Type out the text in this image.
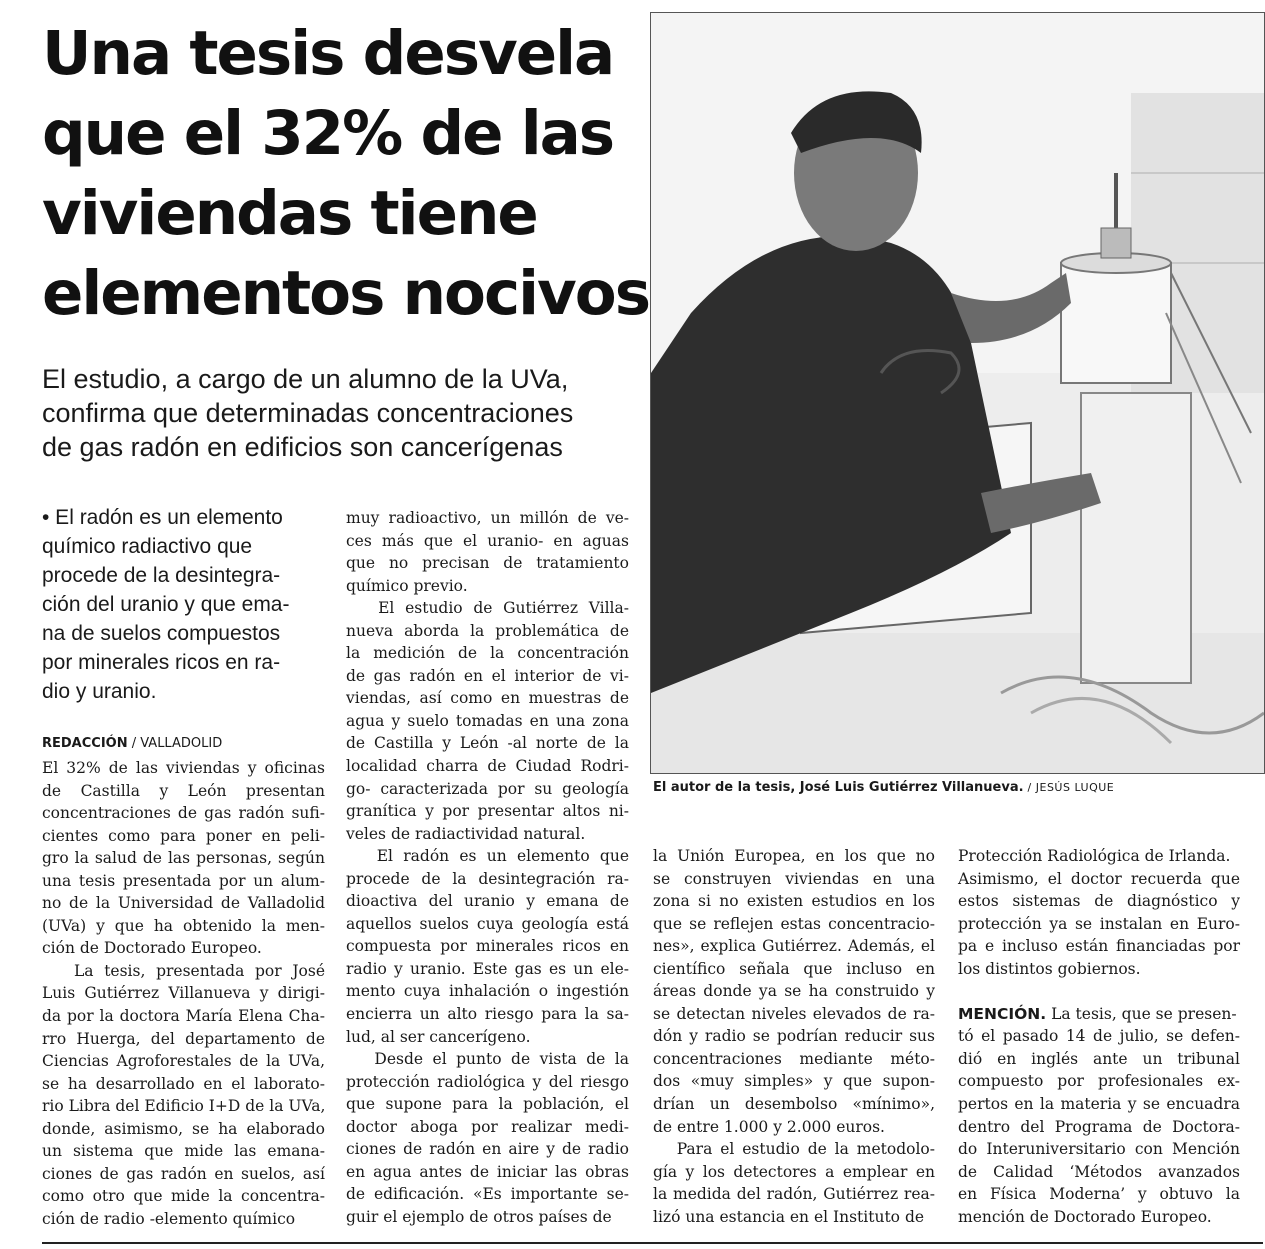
Una tesis desvela
que el 32% de las
viviendas tiene
elementos nocivos

El estudio, a cargo de un alumno de la UVa,
confirma que determinadas concentraciones
de gas radón en edificios son cancerígenas

El autor de la tesis, José Luis Gutiérrez Villanueva. / JESÚS LUQUE
• El radón es un elemento
químico radiactivo que
procede de la desintegra-
ción del uranio y que ema-
na de suelos compuestos
por minerales ricos en ra-
dio y uranio.
REDACCIÓN / VALLADOLID
El 32% de las viviendas y oficinas
de Castilla y León presentan
concentraciones de gas radón sufi-
cientes como para poner en peli-
gro la salud de las personas, según
una tesis presentada por un alum-
no de la Universidad de Valladolid
(UVa) y que ha obtenido la men-
ción de Doctorado Europeo.
La tesis, presentada por José
Luis Gutiérrez Villanueva y dirigi-
da por la doctora María Elena Cha-
rro Huerga, del departamento de
Ciencias Agroforestales de la UVa,
se ha desarrollado en el laborato-
rio Libra del Edificio I+D de la UVa,
donde, asimismo, se ha elaborado
un sistema que mide las emana-
ciones de gas radón en suelos, así
como otro que mide la concentra-
ción de radio -elemento químico
muy radioactivo, un millón de ve-
ces más que el uranio- en aguas
que no precisan de tratamiento
químico previo.
El estudio de Gutiérrez Villa-
nueva aborda la problemática de
la medición de la concentración
de gas radón en el interior de vi-
viendas, así como en muestras de
agua y suelo tomadas en una zona
de Castilla y León -al norte de la
localidad charra de Ciudad Rodri-
go- caracterizada por su geología
granítica y por presentar altos ni-
veles de radiactividad natural.
El radón es un elemento que
procede de la desintegración ra-
dioactiva del uranio y emana de
aquellos suelos cuya geología está
compuesta por minerales ricos en
radio y uranio. Este gas es un ele-
mento cuya inhalación o ingestión
encierra un alto riesgo para la sa-
lud, al ser cancerígeno.
Desde el punto de vista de la
protección radiológica y del riesgo
que supone para la población, el
doctor aboga por realizar medi-
ciones de radón en aire y de radio
en agua antes de iniciar las obras
de edificación. «Es importante se-
guir el ejemplo de otros países de
la Unión Europea, en los que no
se construyen viviendas en una
zona si no existen estudios en los
que se reflejen estas concentracio-
nes», explica Gutiérrez. Además, el
científico señala que incluso en
áreas donde ya se ha construido y
se detectan niveles elevados de ra-
dón y radio se podrían reducir sus
concentraciones mediante méto-
dos «muy simples» y que supon-
drían un desembolso «mínimo»,
de entre 1.000 y 2.000 euros.
Para el estudio de la metodolo-
gía y los detectores a emplear en
la medida del radón, Gutiérrez rea-
lizó una estancia en el Instituto de
Protección Radiológica de Irlanda.
Asimismo, el doctor recuerda que
estos sistemas de diagnóstico y
protección ya se instalan en Euro-
pa e incluso están financiadas por
los distintos gobiernos.

MENCIÓN. La tesis, que se presen-
tó el pasado 14 de julio, se defen-
dió en inglés ante un tribunal
compuesto por profesionales ex-
pertos en la materia y se encuadra
dentro del Programa de Doctora-
do Interuniversitario con Mención
de Calidad ‘Métodos avanzados
en Física Moderna’ y obtuvo la
mención de Doctorado Europeo.
